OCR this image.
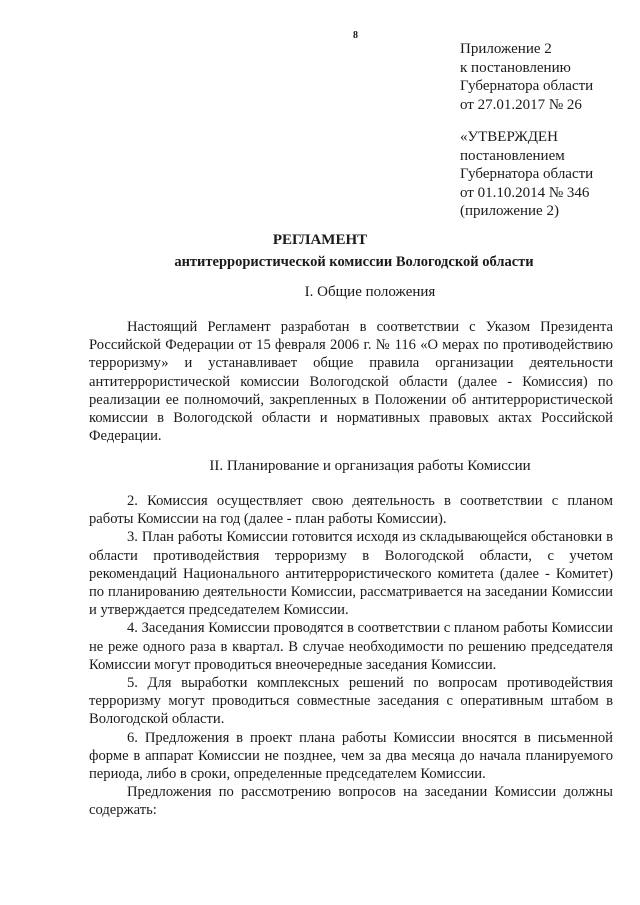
8
Приложение 2
к постановлению
Губернатора области
от 27.01.2017 № 26
«УТВЕРЖДЕН
постановлением
Губернатора области
от 01.10.2014 № 346
(приложение 2)
РЕГЛАМЕНТ
антитеррористической комиссии Вологодской области
I. Общие положения

Настоящий Регламент разработан в соответствии с Указом Президента Российской Федерации от 15 февраля 2006 г. № 116 «О мерах по противодействию терроризму» и устанавливает общие правила организации деятельности антитеррористической комиссии Вологодской области (далее - Комиссия) по реализации ее полномочий, закрепленных в Положении об антитеррористической комиссии в Вологодской области и нормативных правовых актах Российской Федерации.

II. Планирование и организация работы Комиссии

2. Комиссия осуществляет свою деятельность в соответствии с планом работы Комиссии на год (далее - план работы Комиссии).

3. План работы Комиссии готовится исходя из складывающейся обстановки в области противодействия терроризму в Вологодской области, с учетом рекомендаций Национального антитеррористического комитета (далее - Комитет) по планированию деятельности Комиссии, рассматривается на заседании Комиссии и утверждается председателем Комиссии.

4. Заседания Комиссии проводятся в соответствии с планом работы Комиссии не реже одного раза в квартал. В случае необходимости по решению председателя Комиссии могут проводиться внеочередные заседания Комиссии.

5. Для выработки комплексных решений по вопросам противодействия терроризму могут проводиться совместные заседания с оперативным штабом в Вологодской области.

6. Предложения в проект плана работы Комиссии вносятся в письменной форме в аппарат Комиссии не позднее, чем за два месяца до начала планируемого периода, либо в сроки, определенные председателем Комиссии.

Предложения по рассмотрению вопросов на заседании Комиссии должны содержать:
